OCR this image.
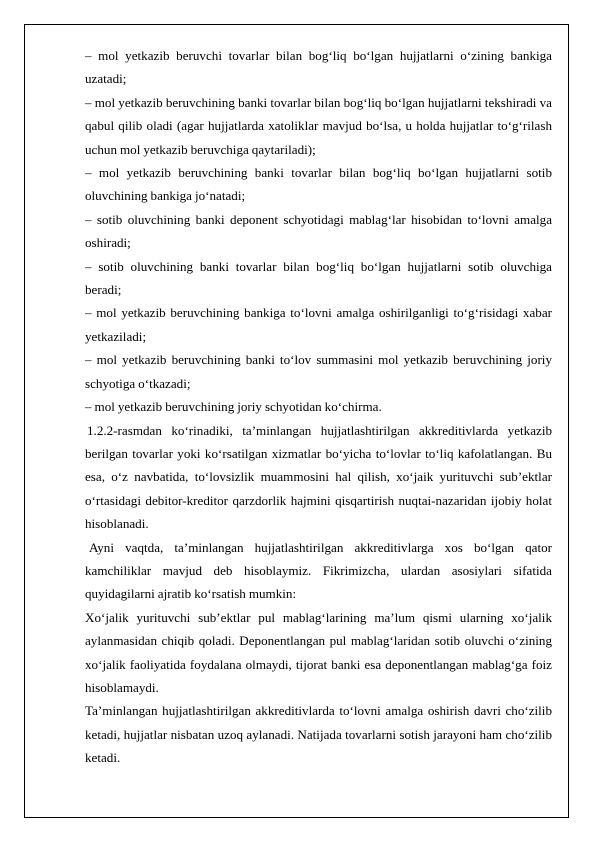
– mol yetkazib beruvchi tovarlar bilan bog‘liq bo‘lgan hujjatlarni o‘zining bankiga uzatadi;

– mol yetkazib beruvchining banki tovarlar bilan bog‘liq bo‘lgan hujjatlarni tekshiradi va qabul qilib oladi (agar hujjatlarda xatoliklar mavjud bo‘lsa, u holda hujjatlar to‘g‘rilash uchun mol yetkazib beruvchiga qaytariladi);

– mol yetkazib beruvchining banki tovarlar bilan bog‘liq bo‘lgan hujjatlarni sotib oluvchining bankiga jo‘natadi;

– sotib oluvchining banki deponent schyotidagi mablag‘lar hisobidan to‘lovni amalga oshiradi;

– sotib oluvchining banki tovarlar bilan bog‘liq bo‘lgan hujjatlarni sotib oluvchiga beradi;

– mol yetkazib beruvchining bankiga to‘lovni amalga oshirilganligi to‘g‘risidagi xabar yetkaziladi;

– mol yetkazib beruvchining banki to‘lov summasini mol yetkazib beruvchining joriy schyotiga o‘tkazadi;

– mol yetkazib beruvchining joriy schyotidan ko‘chirma.

1.2.2-rasmdan ko‘rinadiki, ta’minlangan hujjatlashtirilgan akkreditivlarda yetkazib berilgan tovarlar yoki ko‘rsatilgan xizmatlar bo‘yicha to‘lovlar to‘liq kafolatlangan. Bu esa, o‘z navbatida, to‘lovsizlik muammosini hal qilish, xo‘jaik yurituvchi sub’ektlar o‘rtasidagi debitor-kreditor qarzdorlik hajmini qisqartirish nuqtai-nazaridan ijobiy holat hisoblanadi.

Ayni vaqtda, ta’minlangan hujjatlashtirilgan akkreditivlarga xos bo‘lgan qator kamchiliklar mavjud deb hisoblaymiz. Fikrimizcha, ulardan asosiylari sifatida quyidagilarni ajratib ko‘rsatish mumkin:

Xo‘jalik yurituvchi sub’ektlar pul mablag‘larining ma’lum qismi ularning xo‘jalik aylanmasidan chiqib qoladi. Deponentlangan pul mablag‘laridan sotib oluvchi o‘zining xo‘jalik faoliyatida foydalana olmaydi, tijorat banki esa deponentlangan mablag‘ga foiz hisoblamaydi.

Ta’minlangan hujjatlashtirilgan akkreditivlarda to‘lovni amalga oshirish davri cho‘zilib ketadi, hujjatlar nisbatan uzoq aylanadi. Natijada tovarlarni sotish jarayoni ham cho‘zilib ketadi.
